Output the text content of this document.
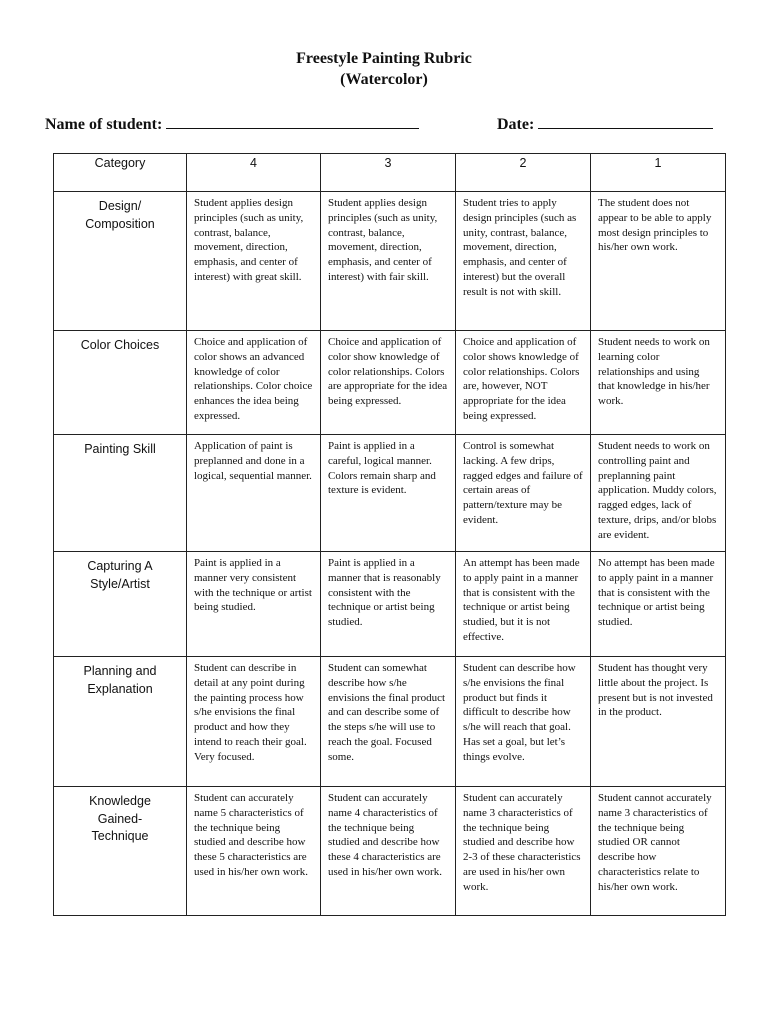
Freestyle Painting Rubric
(Watercolor)
Name of student:	Date:
Category	4	3	2	1
Design/
Composition	Student applies design principles (such as unity, contrast, balance, movement, direction, emphasis, and center of interest) with great skill.	Student applies design principles (such as unity, contrast, balance, movement, direction, emphasis, and center of interest) with fair skill.	Student tries to apply design principles (such as unity, contrast, balance, movement, direction, emphasis, and center of interest) but the overall result is not with skill.	The student does not appear to be able to apply most design principles to his/her own work.
Color Choices	Choice and application of color shows an advanced knowledge of color relationships. Color choice enhances the idea being expressed.	Choice and application of color show knowledge of color relationships. Colors are appropriate for the idea being expressed.	Choice and application of color shows knowledge of color relationships. Colors are, however, NOT appropriate for the idea being expressed.	Student needs to work on learning color relationships and using that knowledge in his/her work.
Painting Skill	Application of paint is preplanned and done in a logical, sequential manner.	Paint is applied in a careful, logical manner. Colors remain sharp and texture is evident.	Control is somewhat lacking. A few drips, ragged edges and failure of certain areas of pattern/texture may be evident.	Student needs to work on controlling paint and preplanning paint application. Muddy colors, ragged edges, lack of texture, drips, and/or blobs are evident.
Capturing A
Style/Artist	Paint is applied in a manner very consistent with the technique or artist being studied.	Paint is applied in a manner that is reasonably consistent with the technique or artist being studied.	An attempt has been made to apply paint in a manner that is consistent with the technique or artist being studied, but it is not effective.	No attempt has been made to apply paint in a manner that is consistent with the technique or artist being studied.
Planning and
Explanation	Student can describe in detail at any point during the painting process how s/he envisions the final product and how they intend to reach their goal. Very focused.	Student can somewhat describe how s/he envisions the final product and can describe some of the steps s/he will use to reach the goal. Focused some.	Student can describe how s/he envisions the final product but finds it difficult to describe how s/he will reach that goal. Has set a goal, but let’s things evolve.	Student has thought very little about the project. Is present but is not invested in the product.
Knowledge
Gained-
Technique	Student can accurately name 5 characteristics of the technique being studied and describe how these 5 characteristics are used in his/her own work.	Student can accurately name 4 characteristics of the technique being studied and describe how these 4 characteristics are used in his/her own work.	Student can accurately name 3 characteristics of the technique being studied and describe how 2-3 of these characteristics are used in his/her own work.	Student cannot accurately name 3 characteristics of the technique being studied OR cannot describe how characteristics relate to his/her own work.
